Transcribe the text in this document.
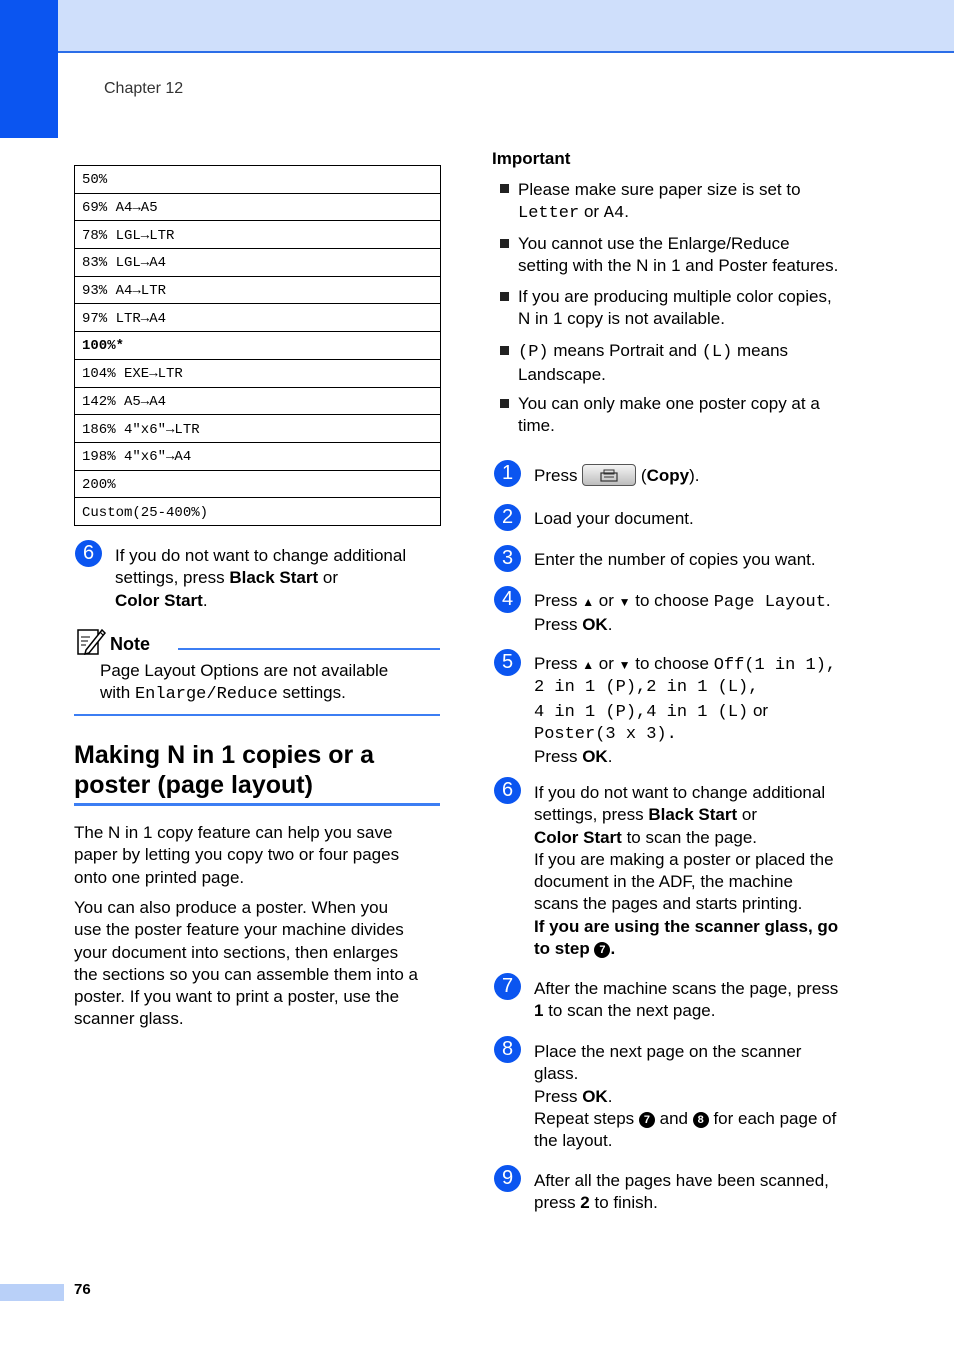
Chapter 12
50%
69% A4→A5
78% LGL→LTR
83% LGL→A4
93% A4→LTR
97% LTR→A4
100%*
104% EXE→LTR
142% A5→A4
186% 4"x6"→LTR
198% 4"x6"→A4
200%
Custom(25-400%)
6	If you do not want to change additional
settings, press Black Start or
Color Start.
Note
Page Layout Options are not available
with Enlarge/Reduce settings.
Making N in 1 copies or a
poster (page layout)
The N in 1 copy feature can help you save
paper by letting you copy two or four pages
onto one printed page.
You can also produce a poster. When you
use the poster feature your machine divides
your document into sections, then enlarges
the sections so you can assemble them into a
poster. If you want to print a poster, use the
scanner glass.
Important
Please make sure paper size is set to
Letter or A4.
You cannot use the Enlarge/Reduce
setting with the N in 1 and Poster features.
If you are producing multiple color copies,
N in 1 copy is not available.
(P) means Portrait and (L) means
Landscape.
You can only make one poster copy at a
time.
1	Press	(Copy).
2	Load your document.
3	Enter the number of copies you want.
4	Press ▲ or ▼ to choose Page Layout.
Press OK.
5	Press ▲ or ▼ to choose Off(1 in 1),
2 in 1 (P),2 in 1 (L),
4 in 1 (P),4 in 1 (L) or
Poster(3 x 3).
Press OK.
6	If you do not want to change additional
settings, press Black Start or
Color Start to scan the page.
If you are making a poster or placed the
document in the ADF, the machine
scans the pages and starts printing.
If you are using the scanner glass, go
to step 7 .
7	After the machine scans the page, press
1 to scan the next page.
8	Place the next page on the scanner
glass.
Press OK.
Repeat steps 7 and 8 for each page of
the layout.
9	After all the pages have been scanned,
press 2 to finish.
76
